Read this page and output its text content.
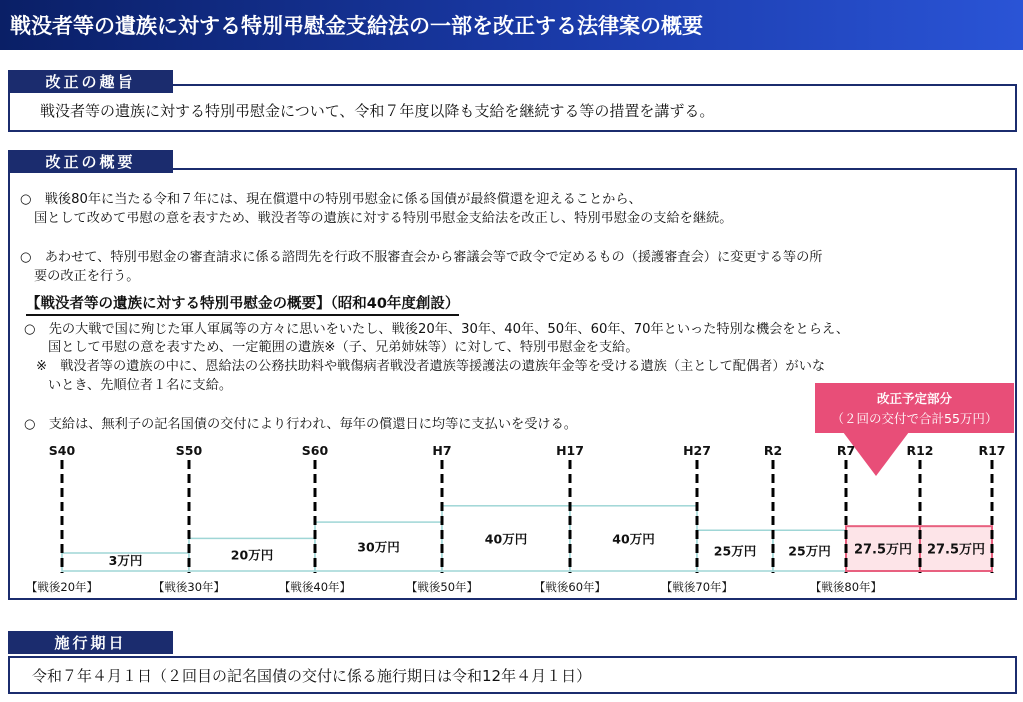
戦没者等の遺族に対する特別弔慰金支給法の一部を改正する法律案の概要
改正の趣旨
戦没者等の遺族に対する特別弔慰金について、令和７年度以降も支給を継続する等の措置を講ずる。
改正の概要
○　戦後80年に当たる令和７年には、現在償還中の特別弔慰金に係る国債が最終償還を迎えることから、
国として改めて弔慰の意を表すため、戦没者等の遺族に対する特別弔慰金支給法を改正し、特別弔慰金の支給を継続。
○　あわせて、特別弔慰金の審査請求に係る諮問先を行政不服審査会から審議会等で政令で定めるもの（援護審査会）に変更する等の所
要の改正を行う。
【戦没者等の遺族に対する特別弔慰金の概要】（昭和40年度創設）
○　先の大戦で国に殉じた軍人軍属等の方々に思いをいたし、戦後20年、30年、40年、50年、60年、70年といった特別な機会をとらえ、
国として弔慰の意を表すため、一定範囲の遺族※（子、兄弟姉妹等）に対して、特別弔慰金を支給。
※　戦没者等の遺族の中に、恩給法の公務扶助料や戦傷病者戦没者遺族等援護法の遺族年金等を受ける遺族（主として配偶者）がいな
いとき、先順位者１名に支給。
○　支給は、無利子の記名国債の交付により行われ、毎年の償還日に均等に支払いを受ける。
改正予定部分
（２回の交付で合計55万円）
3万円	20万円
30万円
40万円	40万円
25万円	25万円 27.5万円 27.5万円
S40	S50	S60	H7	H17	H27	R2	R7	R12	R17
【戦後20年】	【戦後30年】	【戦後40年】	【戦後50年】	【戦後60年】	【戦後70年】	【戦後80年】
施行期日
令和７年４月１日（２回目の記名国債の交付に係る施行期日は令和12年４月１日）
